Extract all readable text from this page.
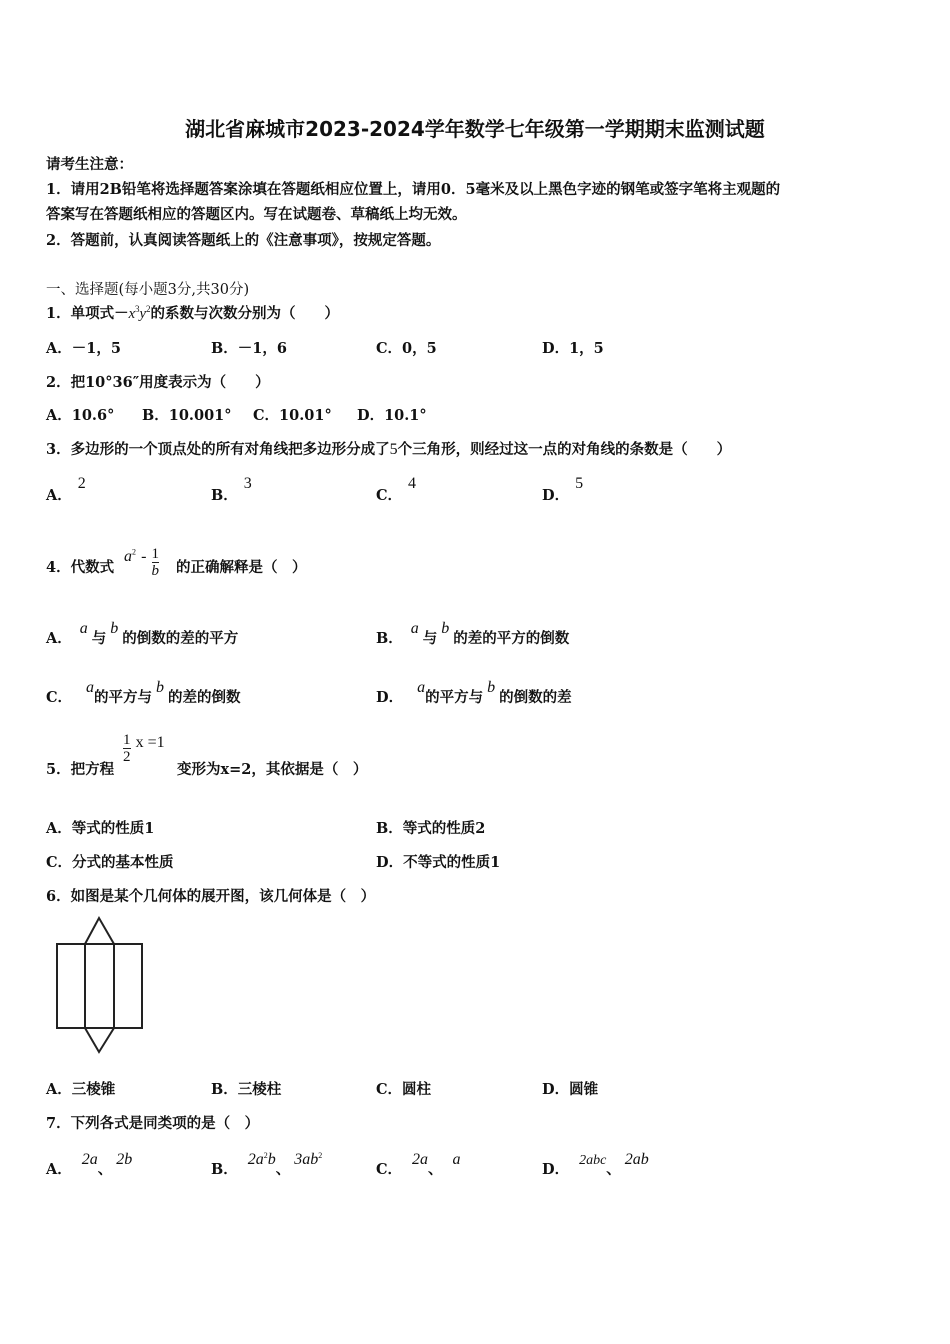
湖北省麻城市2023-2024学年数学七年级第一学期期末监测试题
请考生注意：
1．请用2B铅笔将选择题答案涂填在答题纸相应位置上，请用0．5毫米及以上黑色字迹的钢笔或签字笔将主观题的
答案写在答题纸相应的答题区内。写在试题卷、草稿纸上均无效。
2．答题前，认真阅读答题纸上的《注意事项》，按规定答题。
一、选择题(每小题3分,共30分)
1．单项式$-x^3y^2$的系数与次数分别为（　　）
A．－1，5	B．－1，6	C．0，5	D．1，5
2．把10°36″用度表示为（　　）
A．10.6° B．10.001° C．10.01° D．10.1°
3．多边形的一个顶点处的所有对角线把多边形分成了5个三角形，则经过这一点的对角线的条数是（　　）
A．2
B．3
C．4
D．5
4．代数式
$a^2 - \frac{1}{b}$ 的正确解释是（　）
A．a与b的倒数的差的平方	B．a与b的差的平方的倒数
C．a的平方与b的差的倒数	D．a的平方与b的倒数的差
5．把方程
$\frac{1}{2}$ x =1
变形为x=2，其依据是（　）
A．等式的性质1	B．等式的性质2
C．分式的基本性质	D．不等式的性质1
6．如图是某个几何体的展开图，该几何体是（　）
A．三棱锥	B．三棱柱	C．圆柱	D．圆锥
7．下列各式是同类项的是（　）
A．2a、2b
B．$2a^2b$、$3ab^2$
C．2a、a
D．2abc、2ab
